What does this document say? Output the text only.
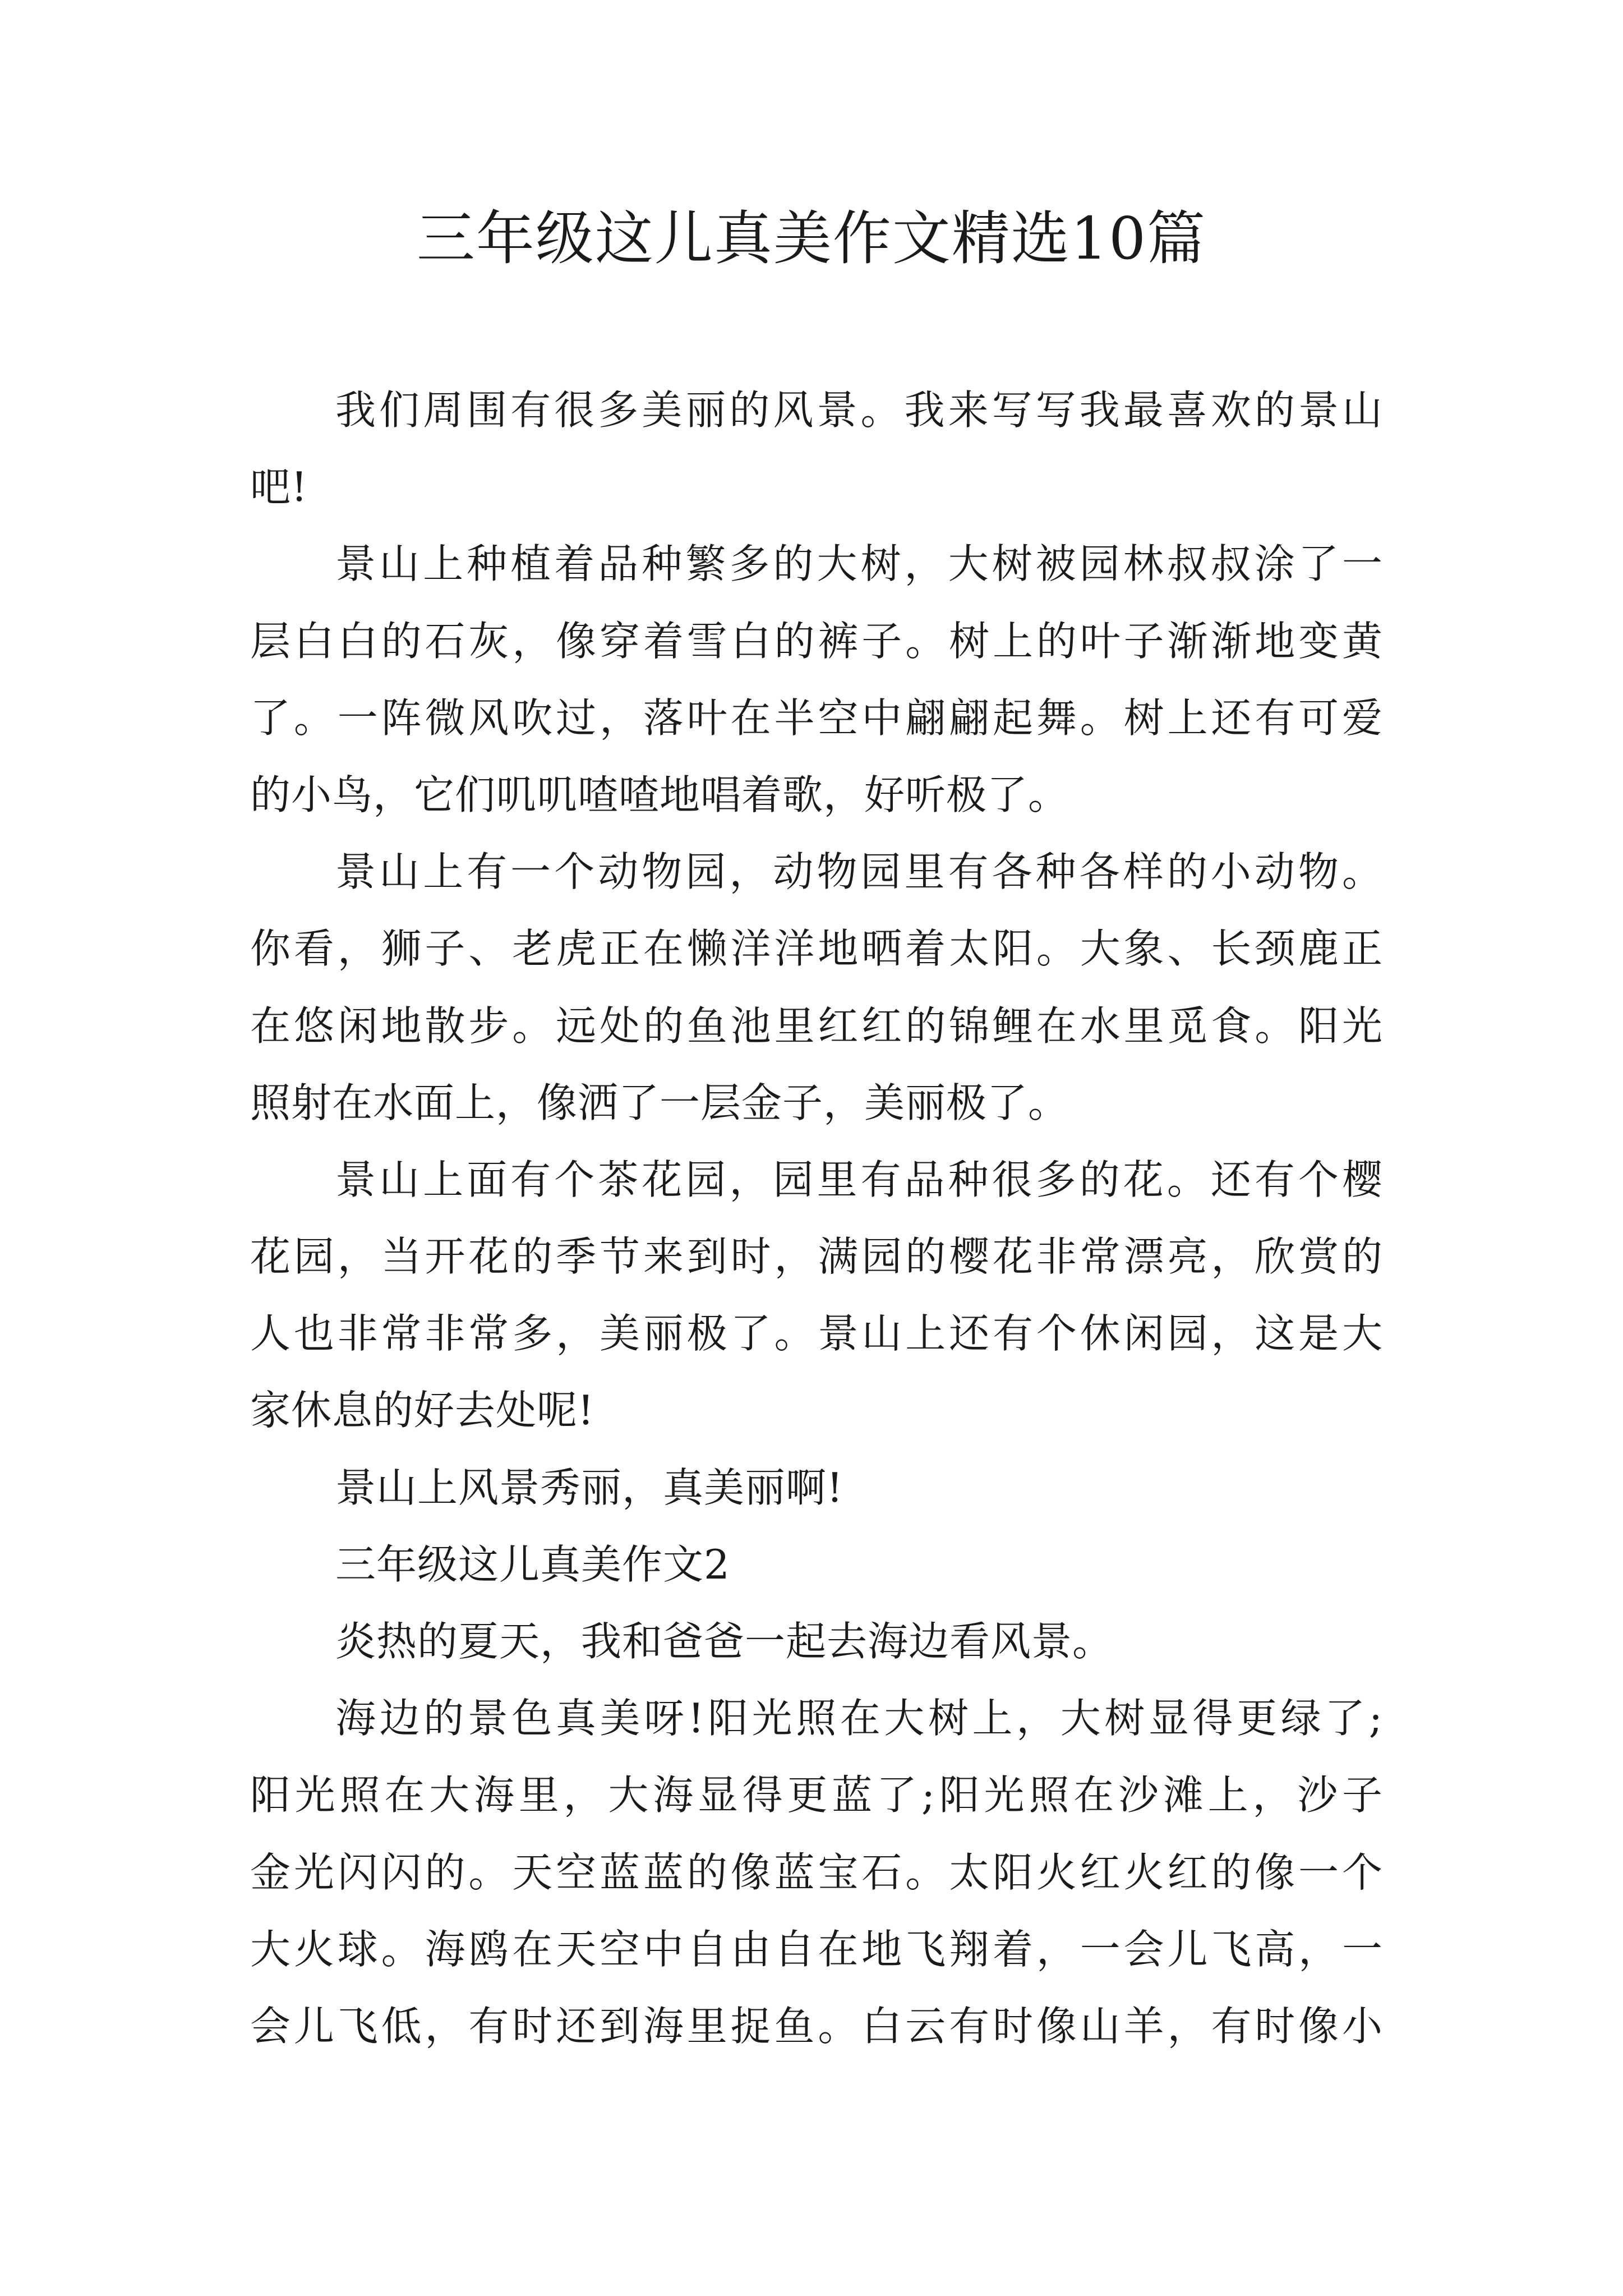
三年级这儿真美作文精选10篇
我们周围有很多美丽的风景。我来写写我最喜欢的景山
吧!
景山上种植着品种繁多的大树，大树被园林叔叔涂了一
层白白的石灰，像穿着雪白的裤子。树上的叶子渐渐地变黄
了。一阵微风吹过，落叶在半空中翩翩起舞。树上还有可爱
的小鸟，它们叽叽喳喳地唱着歌，好听极了。
景山上有一个动物园，动物园里有各种各样的小动物。
你看，狮子、老虎正在懒洋洋地晒着太阳。大象、长颈鹿正
在悠闲地散步。远处的鱼池里红红的锦鲤在水里觅食。阳光
照射在水面上，像洒了一层金子，美丽极了。
景山上面有个茶花园，园里有品种很多的花。还有个樱
花园，当开花的季节来到时，满园的樱花非常漂亮，欣赏的
人也非常非常多，美丽极了。景山上还有个休闲园，这是大
家休息的好去处呢!
景山上风景秀丽，真美丽啊!
三年级这儿真美作文2
炎热的夏天，我和爸爸一起去海边看风景。
海边的景色真美呀!阳光照在大树上，大树显得更绿了;
阳光照在大海里，大海显得更蓝了;阳光照在沙滩上，沙子
金光闪闪的。天空蓝蓝的像蓝宝石。太阳火红火红的像一个
大火球。海鸥在天空中自由自在地飞翔着，一会儿飞高，一
会儿飞低，有时还到海里捉鱼。白云有时像山羊，有时像小
